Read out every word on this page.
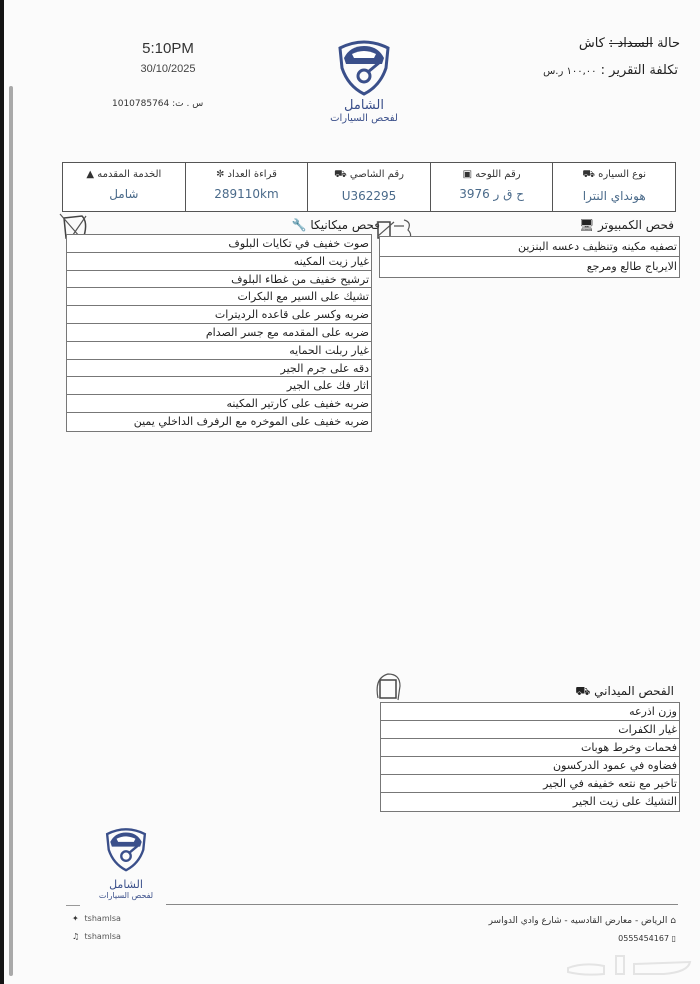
5:10PM
30/10/2025
س . ت: 1010785764	الشامل
لفحص السيارات
حالة السداد : كاش
تكلفة التقرير : ١٠٠,٠٠ ر.س
نوع السياره ⛟
هونداي النترا
رقم اللوحه ▣
ح ق ر 3976
رقم الشاصي ⛟
U362295
قراءة العداد ✼
289110km
الخدمة المقدمه ▲
شامل
فحص ميكانيكا 🔧
صوت خفيف في تكايات البلوف
غيار زيت المكينه
ترشيح خفيف من غطاء البلوف
تشيك على السير مع البكرات
ضربه وكسر على قاعده الرديترات
ضربه على المقدمه مع جسر الصدام
غيار ربلت الحمايه
دقه على جرم الجير
اثار فك على الجير
ضربه خفيف على كارتير المكينه
ضربه خفيف على الموخره مع الرفرف الداخلي يمين
فحص الكمبيوتر 🖥
تصفيه مكينه وتنظيف دعسه البنزين
الايرباج طالع ومرجع
الفحص الميداني ⛟
وزن اذرعه
غيار الكفرات
فحمات وخرط هوبات
فضاوه في عمود الدركسون
تاخير مع نتعه خفيفه في الجير
التشيك على زيت الجير
الشامل
لفحص السيارات
✦ tshamlsa
♫ tshamlsa
⌂ الرياض - معارض القادسيه - شارع وادي الدواسر
▯ 0555454167
